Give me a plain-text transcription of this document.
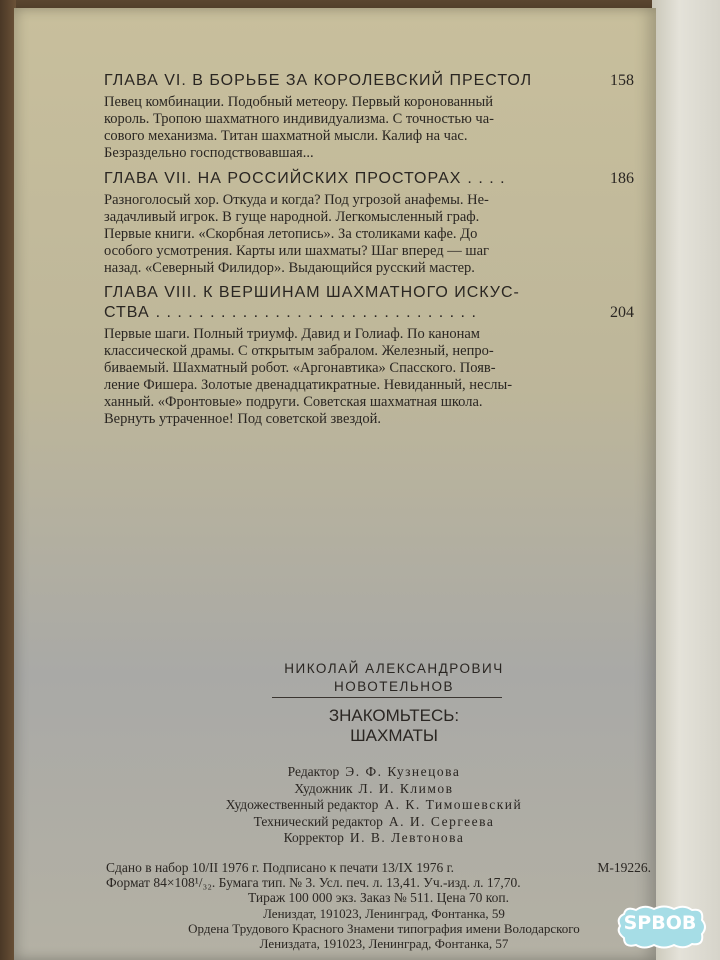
ГЛАВА VI. В БОРЬБЕ ЗА КОРОЛЕВСКИЙ ПРЕСТОЛ	158
Певец комбинации. Подобный метеору. Первый коронованный
король. Тропою шахматного индивидуализма. С точностью ча-
сового механизма. Титан шахматной мысли. Калиф на час.
Безраздельно господствовавшая...
ГЛАВА VII. НА РОССИЙСКИХ ПРОСТОРАХ . . . .	186
Разноголосый хор. Откуда и когда? Под угрозой анафемы. Не-
задачливый игрок. В гуще народной. Легкомысленный граф.
Первые книги. «Скорбная летопись». За столиками кафе. До
особого усмотрения. Карты или шахматы? Шаг вперед — шаг
назад. «Северный Филидор». Выдающийся русский мастер.
ГЛАВА VIII. К ВЕРШИНАМ ШАХМАТНОГО ИСКУС-
СТВА . . . . . . . . . . . . . . . . . . . . . . . . . . . . . .	204
Первые шаги. Полный триумф. Давид и Голиаф. По канонам
классической драмы. С открытым забралом. Железный, непро-
биваемый. Шахматный робот. «Аргонавтика» Спасского. Появ-
ление Фишера. Золотые двенадцатикратные. Невиданный, неслы-
ханный. «Фронтовые» подруги. Советская шахматная школа.
Вернуть утраченное! Под советской звездой.
НИКОЛАЙ АЛЕКСАНДРОВИЧ
НОВОТЕЛЬНОВ
ЗНАКОМЬТЕСЬ:
ШАХМАТЫ
Редактор Э. Ф. Кузнецова
Художник Л. И. Климов
Художественный редактор А. К. Тимошевский
Технический редактор А. И. Сергеева
Корректор И. В. Левтонова
Сдано в набор 10/II 1976 г. Подписано к печати 13/IX 1976 г.	М-19226.
Формат 84×108¹/₃₂. Бумага тип. № 3. Усл. печ. л. 13,41. Уч.-изд. л. 17,70.
Тираж 100 000 экз. Заказ № 511. Цена 70 коп.
Лениздат, 191023, Ленинград, Фонтанка, 59
Ордена Трудового Красного Знамени типография имени Володарского
Лениздата, 191023, Ленинград, Фонтанка, 57
SPBOB
